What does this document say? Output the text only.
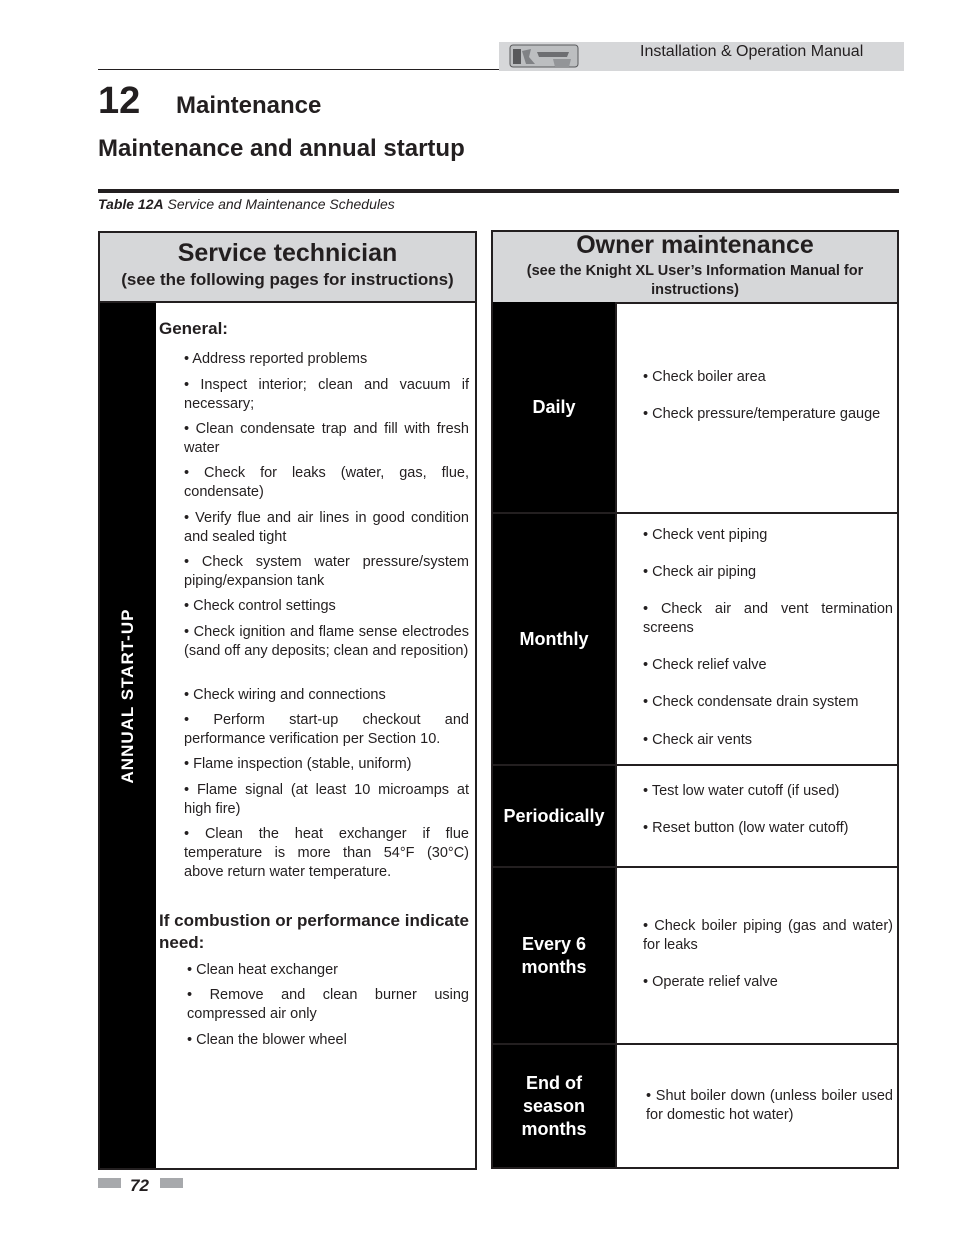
Installation & Operation Manual
12 Maintenance
Maintenance and annual startup
Table 12A Service and Maintenance Schedules
Service technician
(see the following pages for instructions)
ANNUAL START-UP
General:
• Address reported problems
• Inspect interior; clean and vacuum if necessary;
• Clean condensate trap and fill with fresh water
• Check for leaks (water, gas, flue, condensate)
• Verify flue and air lines in good condition and sealed tight
• Check system water pressure/system piping/expansion tank
• Check control settings
• Check ignition and flame sense electrodes (sand off any deposits; clean and reposition)
• Check wiring and connections
• Perform start-up checkout and performance verification per Section 10.
• Flame inspection (stable, uniform)
• Flame signal (at least 10 microamps at high fire)
• Clean the heat exchanger if flue temperature is more than 54°F (30°C) above return water temperature.
If combustion or performance indicate need:
• Clean heat exchanger
• Remove and clean burner using compressed air only
• Clean the blower wheel
Owner maintenance
(see the Knight XL User’s Information Manual for instructions)
Daily
• Check boiler area
• Check pressure/temperature gauge
Monthly
• Check vent piping
• Check air piping
• Check air and vent termination screens
• Check relief valve
• Check condensate drain system
• Check air vents
Periodically
• Test low water cutoff (if used)
• Reset button (low water cutoff)
Every 6 months
• Check boiler piping (gas and water) for leaks
• Operate relief valve
End of season months
• Shut boiler down (unless boiler used for domestic hot water)
72
